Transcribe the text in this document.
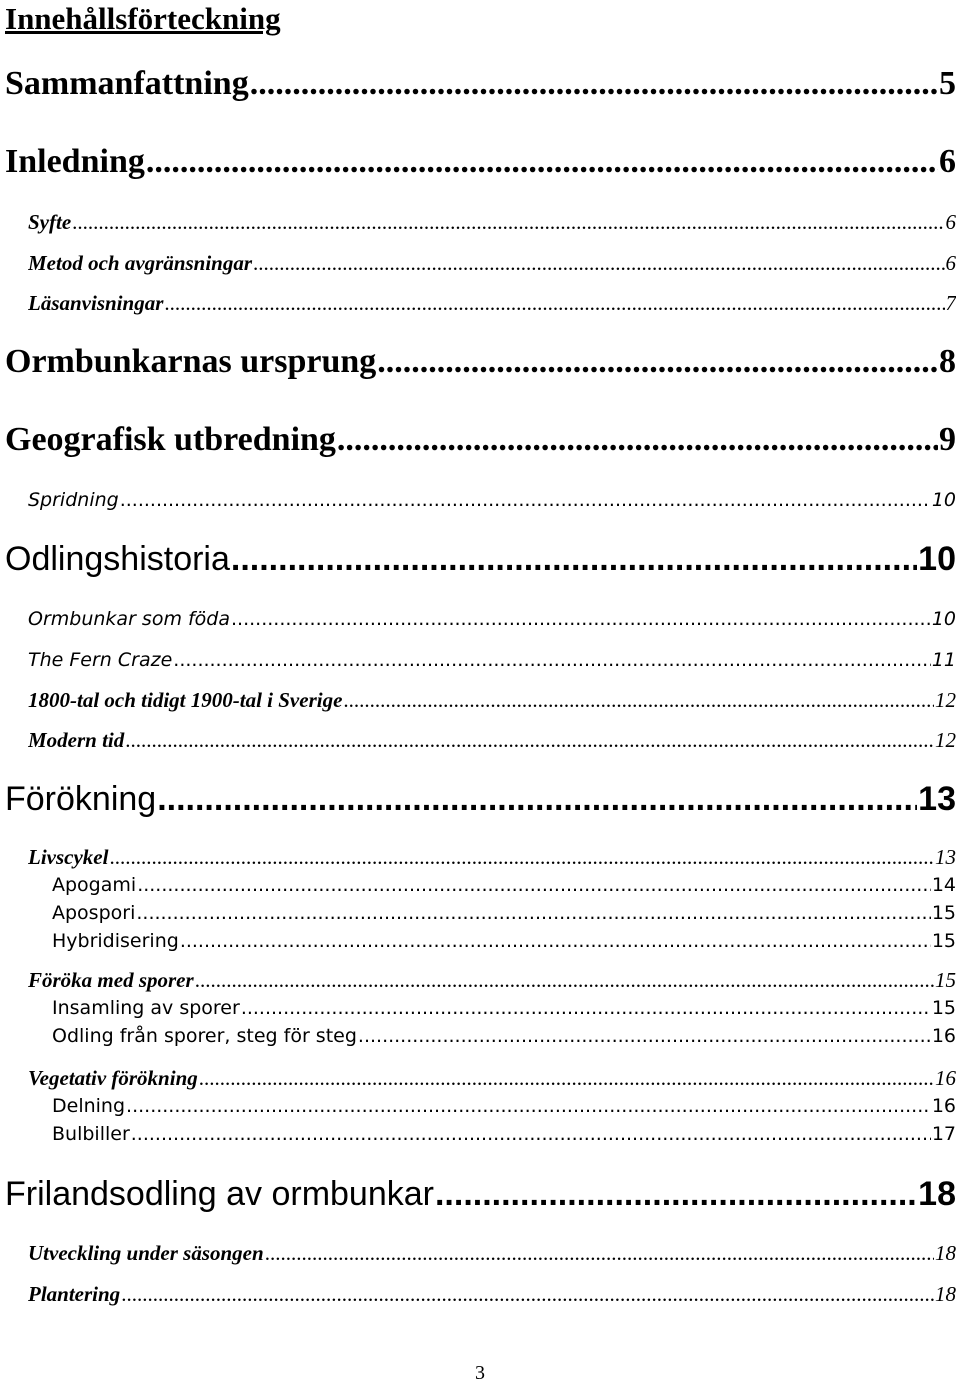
Innehållsförteckning
Sammanfattning .....	5
Inledning .....	6
Syfte .....	6
Metod och avgränsningar .....	6
Läsanvisningar .....	7
Ormbunkarnas ursprung .....	8
Geografisk utbredning .....	9
Spridning .....	10
Odlingshistoria .....	10
Ormbunkar som föda .....	10
The Fern Craze .....	11
1800-tal och tidigt 1900-tal i Sverige .....	12
Modern tid .....	12
Förökning .....	13
Livscykel .....	13
Apogami .....	14
Apospori .....	15
Hybridisering .....	15
Föröka med sporer .....	15
Insamling av sporer .....	15
Odling från sporer, steg för steg .....	16
Vegetativ förökning .....	16
Delning .....	16
Bulbiller .....	17
Frilandsodling av ormbunkar .....	18
Utveckling under säsongen .....	18
Plantering .....	18
3
